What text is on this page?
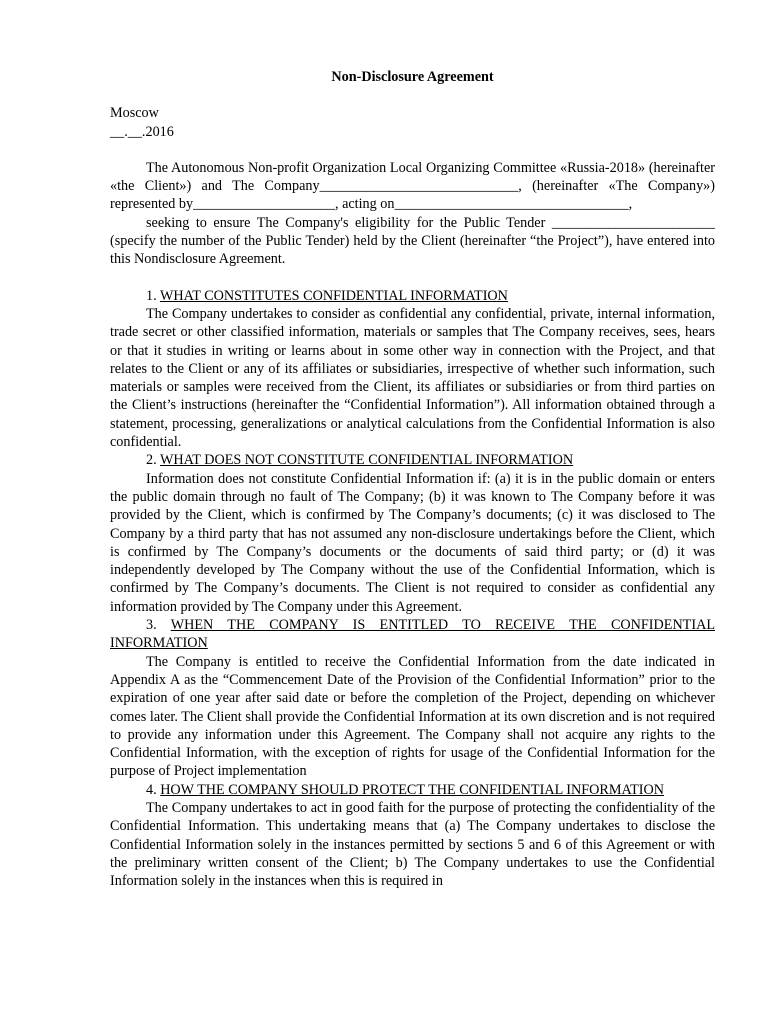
Non-Disclosure Agreement
Moscow
__.__.2016

The Autonomous Non-profit Organization Local Organizing Committee «Russia-2018» (hereinafter «the Client») and The Company____________________________, (hereinafter «The Company») represented by____________________, acting on_________________________________,

seeking to ensure The Company's eligibility for the Public Tender _______________________ (specify the number of the Public Tender) held by the Client (hereinafter “the Project”), have entered into this Nondisclosure Agreement.

1. WHAT CONSTITUTES CONFIDENTIAL INFORMATION

The Company undertakes to consider as confidential any confidential, private, internal information, trade secret or other classified information, materials or samples that The Company receives, sees, hears or that it studies in writing or learns about in some other way in connection with the Project, and that relates to the Client or any of its affiliates or subsidiaries, irrespective of whether such information, such materials or samples were received from the Client, its affiliates or subsidiaries or from third parties on the Client’s instructions (hereinafter the “Confidential Information”). All information obtained through a statement, processing, generalizations or analytical calculations from the Confidential Information is also confidential.

2. WHAT DOES NOT CONSTITUTE CONFIDENTIAL INFORMATION

Information does not constitute Confidential Information if: (a) it is in the public domain or enters the public domain through no fault of The Company; (b) it was known to The Company before it was provided by the Client, which is confirmed by The Company’s documents; (c) it was disclosed to The Company by a third party that has not assumed any non-disclosure undertakings before the Client, which is confirmed by The Company’s documents or the documents of said third party; or (d) it was independently developed by The Company without the use of the Confidential Information, which is confirmed by The Company’s documents. The Client is not required to consider as confidential any information provided by The Company under this Agreement.

3. WHEN THE COMPANY IS ENTITLED TO RECEIVE THE CONFIDENTIAL INFORMATION

The Company is entitled to receive the Confidential Information from the date indicated in Appendix A as the “Commencement Date of the Provision of the Confidential Information” prior to the expiration of one year after said date or before the completion of the Project, depending on whichever comes later. The Client shall provide the Confidential Information at its own discretion and is not required to provide any information under this Agreement. The Company shall not acquire any rights to the Confidential Information, with the exception of rights for usage of the Confidential Information for the purpose of Project implementation

4. HOW THE COMPANY SHOULD PROTECT THE CONFIDENTIAL INFORMATION

The Company undertakes to act in good faith for the purpose of protecting the confidentiality of the Confidential Information. This undertaking means that (a) The Company undertakes to disclose the Confidential Information solely in the instances permitted by sections 5 and 6 of this Agreement or with the preliminary written consent of the Client; b) The Company undertakes to use the Confidential Information solely in the instances when this is required in
